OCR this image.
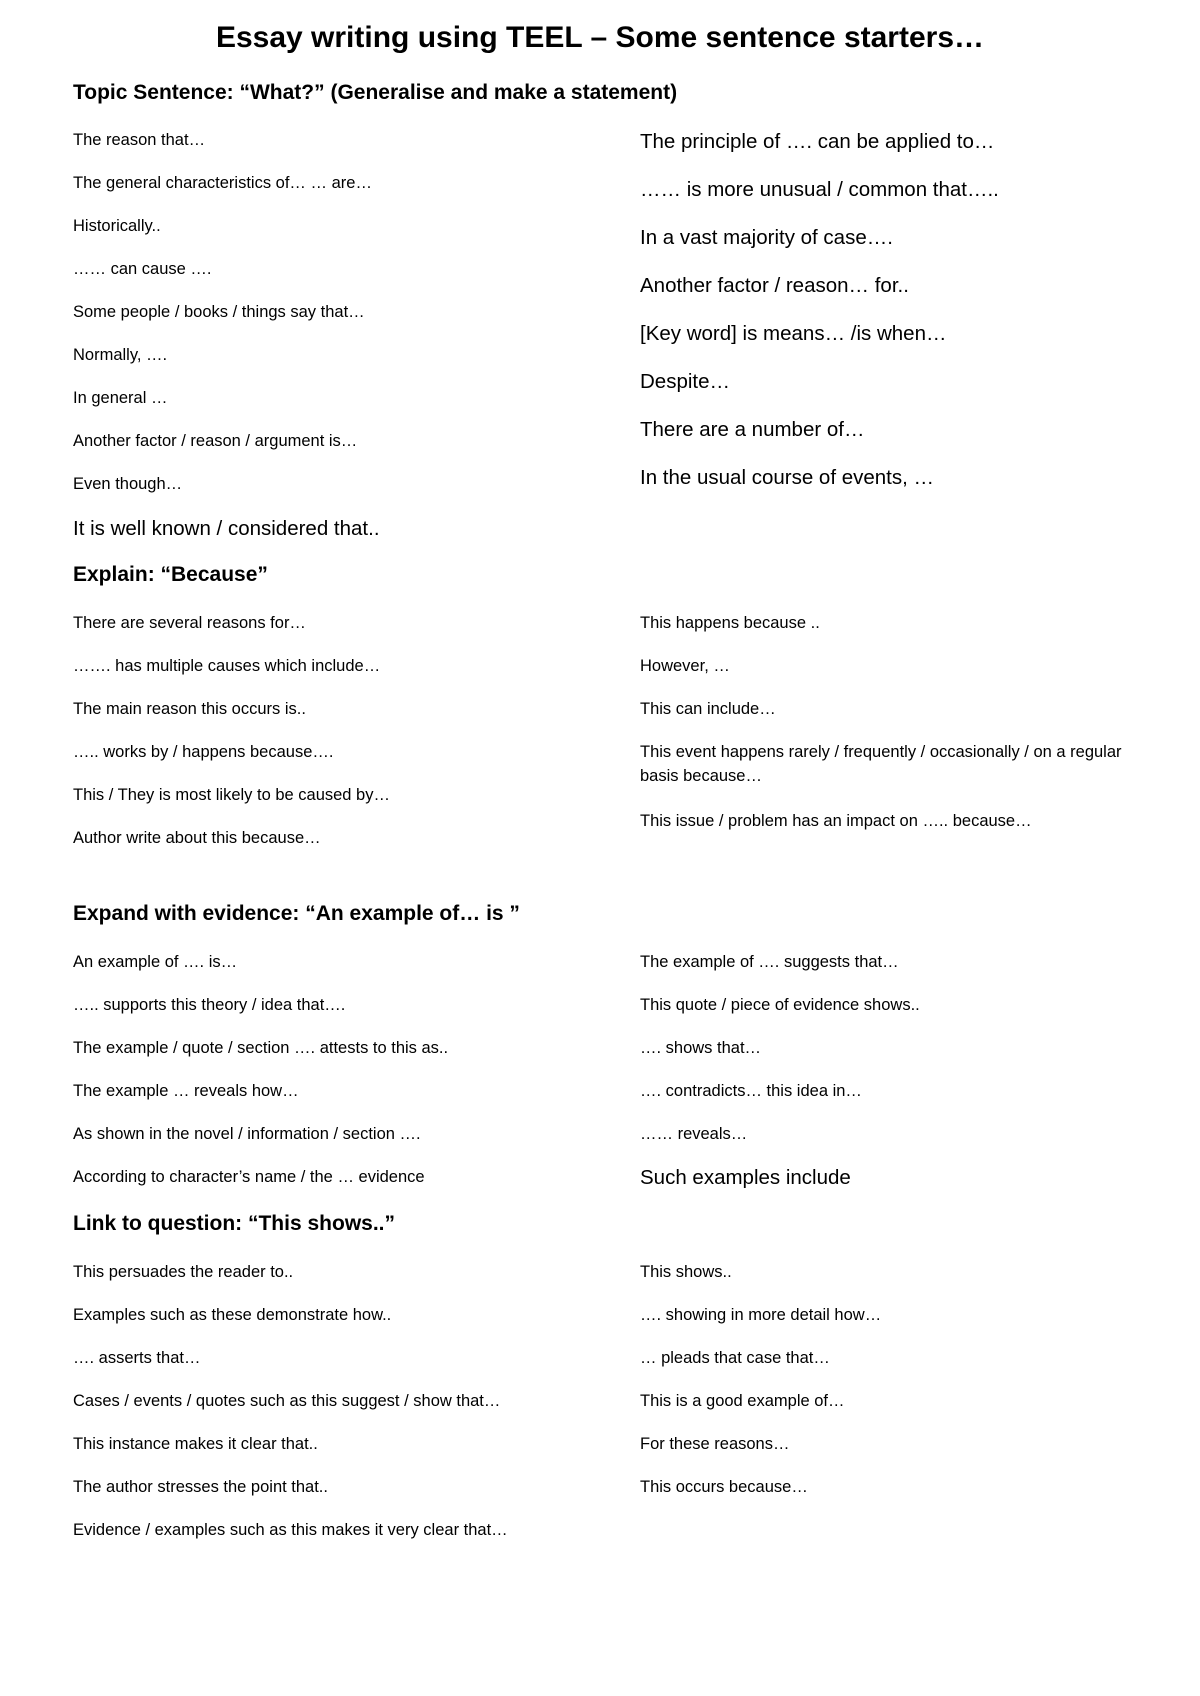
Essay writing using TEEL – Some sentence starters…
Topic Sentence: “What?” (Generalise and make a statement)
The reason that…
The general characteristics of… … are…
Historically..
…… can cause ….
Some people / books / things say that…
Normally, ….
In general …
Another factor / reason / argument is…
Even though…
It is well known / considered that..
The principle of …. can be applied to…
…… is more unusual / common that…..
In a vast majority of case….
Another factor / reason… for..
[Key word] is means… /is when…
Despite…
There are a number of…
In the usual course of events, …
Explain: “Because”
There are several reasons for…
……. has multiple causes which include…
The main reason this occurs is..
….. works by / happens because….
This / They is most likely to be caused by…
Author write about this because…
This happens because ..
However, …
This can include…
This event happens rarely / frequently / occasionally / on a regular basis because…
This issue / problem has an impact on ….. because…
Expand with evidence: “An example of… is ”
An example of …. is…
….. supports this theory / idea that….
The example / quote / section …. attests to this as..
The example … reveals how…
As shown in the novel / information / section ….
According to character’s name / the … evidence
The example of …. suggests that…
This quote / piece of evidence shows..
…. shows that…
…. contradicts… this idea in…
…… reveals…
Such examples include
Link to question: “This shows..”
This persuades the reader to..
Examples such as these demonstrate how..
…. asserts that…
Cases / events / quotes such as this suggest / show that…
This instance makes it clear that..
The author stresses the point that..
Evidence / examples such as this makes it very clear that…
This shows..
…. showing in more detail how…
… pleads that case that…
This is a good example of…
For these reasons…
This occurs because…
